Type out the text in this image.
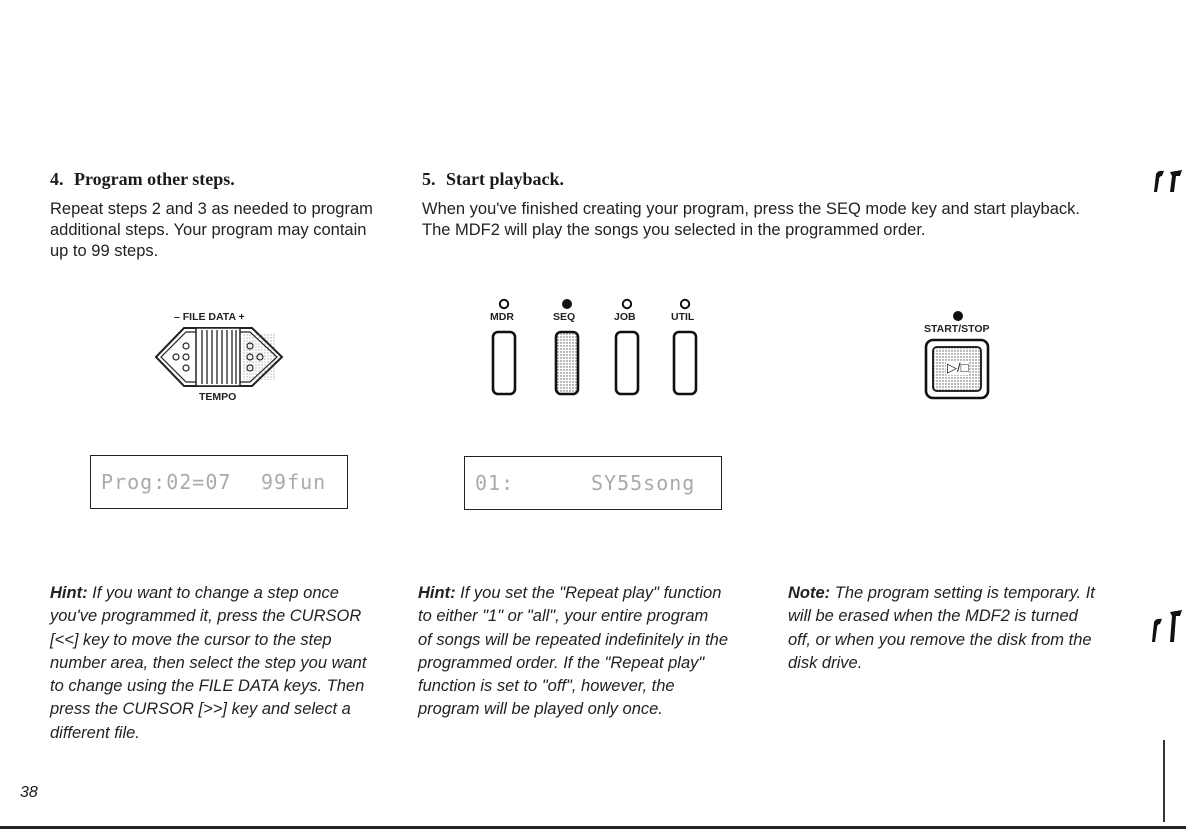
4. Program other steps.
Repeat steps 2 and 3 as needed to program
additional steps. Your program may contain
up to 99 steps.
5. Start playback.
When you've finished creating your program, press the SEQ mode key and start playback.
The MDF2 will play the songs you selected in the programmed order.
– FILE DATA +
TEMPO
MDR	SEQ	JOB	UTIL
START/STOP
▷/□
Prog:02=07 99fun	01:	SY55song
Hint: If you want to change a step once
you've programmed it, press the CURSOR
[<<] key to move the cursor to the step
number area, then select the step you want
to change using the FILE DATA keys. Then
press the CURSOR [>>] key and select a
different file.
Hint: If you set the "Repeat play" function
to either "1" or "all", your entire program
of songs will be repeated indefinitely in the
programmed order. If the "Repeat play"
function is set to "off", however, the
program will be played only once.
Note: The program setting is temporary. It
will be erased when the MDF2 is turned
off, or when you remove the disk from the
disk drive.
38
